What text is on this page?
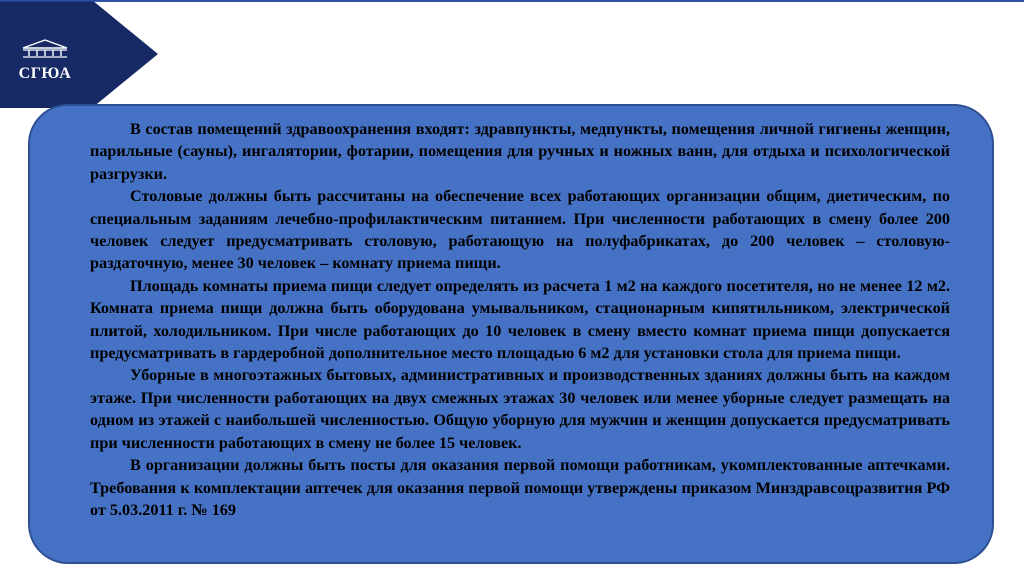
СГЮА

В состав помещений здравоохранения входят: здравпункты, медпункты, помещения личной гигиены женщин, парильные (сауны), ингалятории, фотарии, помещения для ручных и ножных ванн, для отдыха и психологической разгрузки.

Столовые должны быть рассчитаны на обеспечение всех работающих организации общим, диетическим, по специальным заданиям лечебно-профилактическим питанием. При численности работающих в смену более 200 человек следует предусматривать столовую, работающую на полуфабрикатах, до 200 человек – столовую-раздаточную, менее 30 человек – комнату приема пищи.

Площадь комнаты приема пищи следует определять из расчета 1 м2 на каждого посетителя, но не менее 12 м2. Комната приема пищи должна быть оборудована умывальником, стационарным кипятильником, электрической плитой, холодильником. При числе работающих до 10 человек в смену вместо комнат приема пищи допускается предусматривать в гардеробной дополнительное место площадью 6 м2 для установки стола для приема пищи.

Уборные в многоэтажных бытовых, административных и производственных зданиях должны быть на каждом этаже. При численности работающих на двух смежных этажах 30 человек или менее уборные следует размещать на одном из этажей с наибольшей численностью. Общую уборную для мужчин и женщин допускается предусматривать при численности работающих в смену не более 15 человек.

В организации должны быть посты для оказания первой помощи работникам, укомплектованные аптечками. Требования к комплектации аптечек для оказания первой помощи утверждены приказом Минздравсоцразвития РФ от 5.03.2011 г. № 169
